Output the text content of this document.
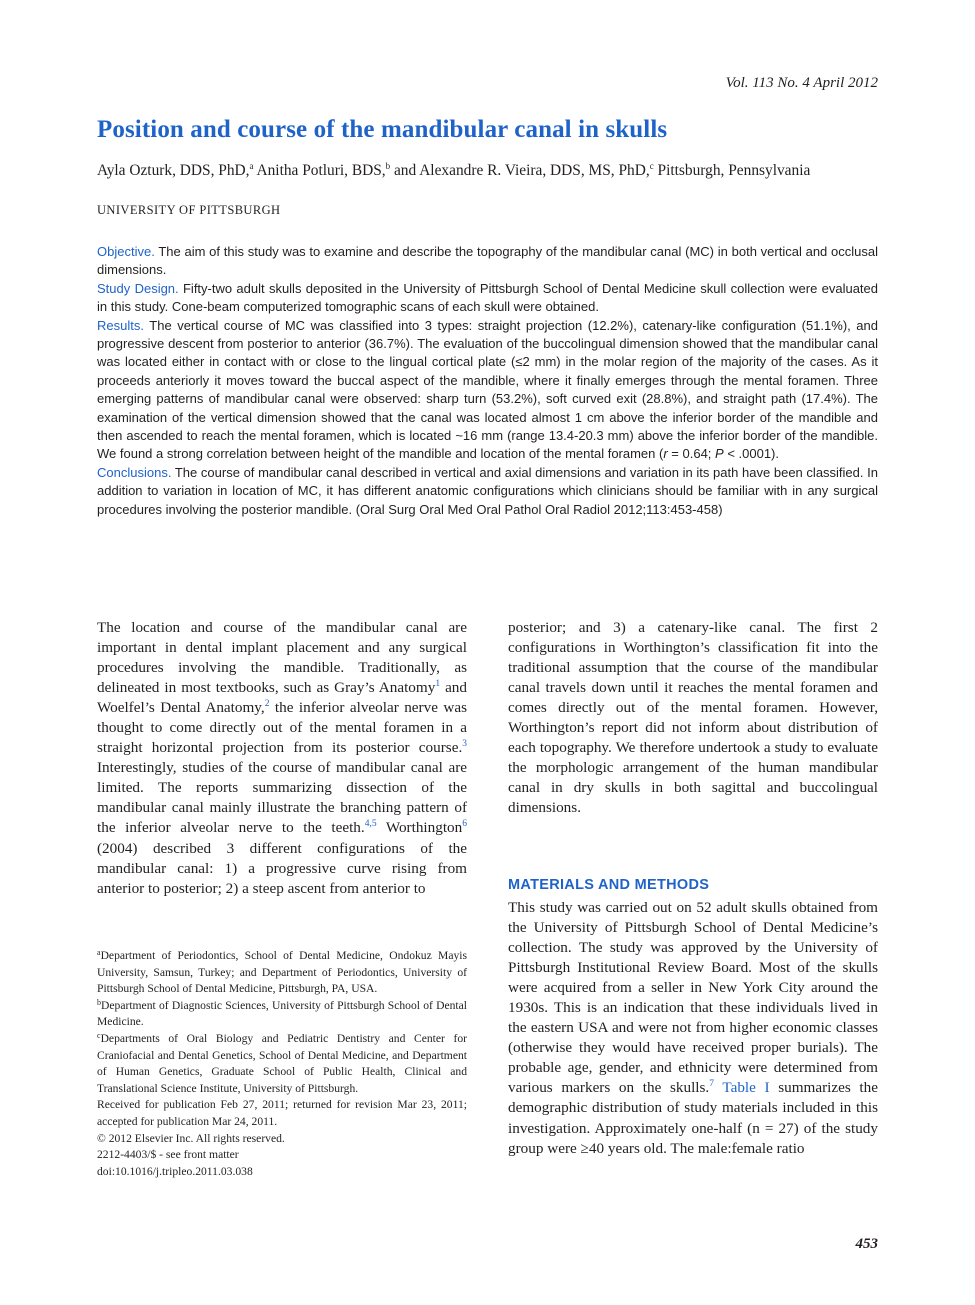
Vol. 113 No. 4 April 2012
Position and course of the mandibular canal in skulls
Ayla Ozturk, DDS, PhD,$^a$ Anitha Potluri, BDS,$^b$ and Alexandre R. Vieira, DDS, MS, PhD,$^c$ Pittsburgh, Pennsylvania
UNIVERSITY OF PITTSBURGH

Objective. The aim of this study was to examine and describe the topography of the mandibular canal (MC) in both vertical and occlusal dimensions.

Study Design. Fifty-two adult skulls deposited in the University of Pittsburgh School of Dental Medicine skull collection were evaluated in this study. Cone-beam computerized tomographic scans of each skull were obtained.

Results. The vertical course of MC was classified into 3 types: straight projection (12.2%), catenary-like configuration (51.1%), and progressive descent from posterior to anterior (36.7%). The evaluation of the buccolingual dimension showed that the mandibular canal was located either in contact with or close to the lingual cortical plate (≤2 mm) in the molar region of the majority of the cases. As it proceeds anteriorly it moves toward the buccal aspect of the mandible, where it finally emerges through the mental foramen. Three emerging patterns of mandibular canal were observed: sharp turn (53.2%), soft curved exit (28.8%), and straight path (17.4%). The examination of the vertical dimension showed that the canal was located almost 1 cm above the inferior border of the mandible and then ascended to reach the mental foramen, which is located ~16 mm (range 13.4-20.3 mm) above the inferior border of the mandible. We found a strong correlation between height of the mandible and location of the mental foramen (r = 0.64; P < .0001).

Conclusions. The course of mandibular canal described in vertical and axial dimensions and variation in its path have been classified. In addition to variation in location of MC, it has different anatomic configurations which clinicians should be familiar with in any surgical procedures involving the posterior mandible. (Oral Surg Oral Med Oral Pathol Oral Radiol 2012;113:453-458)

The location and course of the mandibular canal are important in dental implant placement and any surgical procedures involving the mandible. Traditionally, as delineated in most textbooks, such as Gray’s Anatomy$^1$ and Woelfel’s Dental Anatomy,$^2$ the inferior alveolar nerve was thought to come directly out of the mental foramen in a straight horizontal projection from its posterior course.$^3$ Interestingly, studies of the course of mandibular canal are limited. The reports summarizing dissection of the mandibular canal mainly illustrate the branching pattern of the inferior alveolar nerve to the teeth.$^{4,5}$ Worthington$^6$ (2004) described 3 different configurations of the mandibular canal: 1) a progressive curve rising from anterior to posterior; 2) a steep ascent from anterior to	MATERIALS AND METHODS

This study was carried out on 52 adult skulls obtained from the University of Pittsburgh School of Dental Medicine’s collection. The study was approved by the University of Pittsburgh Institutional Review Board. Most of the skulls were acquired from a seller in New York City around the 1930s. This is an indication that these individuals lived in the eastern USA and were not from higher economic classes (otherwise they would have received proper burials). The probable age, gender, and ethnicity were determined from various markers on the skulls.$^7$ Table I summarizes the demographic distribution of study materials included in this investigation. Approximately one-half (n = 27) of the study group were ≥40 years old. The male:female ratio

$^a$Department of Periodontics, School of Dental Medicine, Ondokuz Mayis University, Samsun, Turkey; and Department of Periodontics, University of Pittsburgh School of Dental Medicine, Pittsburgh, PA, USA.

$^b$Department of Diagnostic Sciences, University of Pittsburgh School of Dental Medicine.

$^c$Departments of Oral Biology and Pediatric Dentistry and Center for Craniofacial and Dental Genetics, School of Dental Medicine, and Department of Human Genetics, Graduate School of Public Health, Clinical and Translational Science Institute, University of Pittsburgh.

Received for publication Feb 27, 2011; returned for revision Mar 23, 2011; accepted for publication Mar 24, 2011.

© 2012 Elsevier Inc. All rights reserved.

2212-4403/$ - see front matter

doi:10.1016/j.tripleo.2011.03.038

453

posterior; and 3) a catenary-like canal. The first 2 configurations in Worthington’s classification fit into the traditional assumption that the course of the mandibular canal travels down until it reaches the mental foramen and comes directly out of the mental foramen. However, Worthington’s report did not inform about distribution of each topography. We therefore undertook a study to evaluate the morphologic arrangement of the human mandibular canal in dry skulls in both sagittal and buccolingual dimensions.
